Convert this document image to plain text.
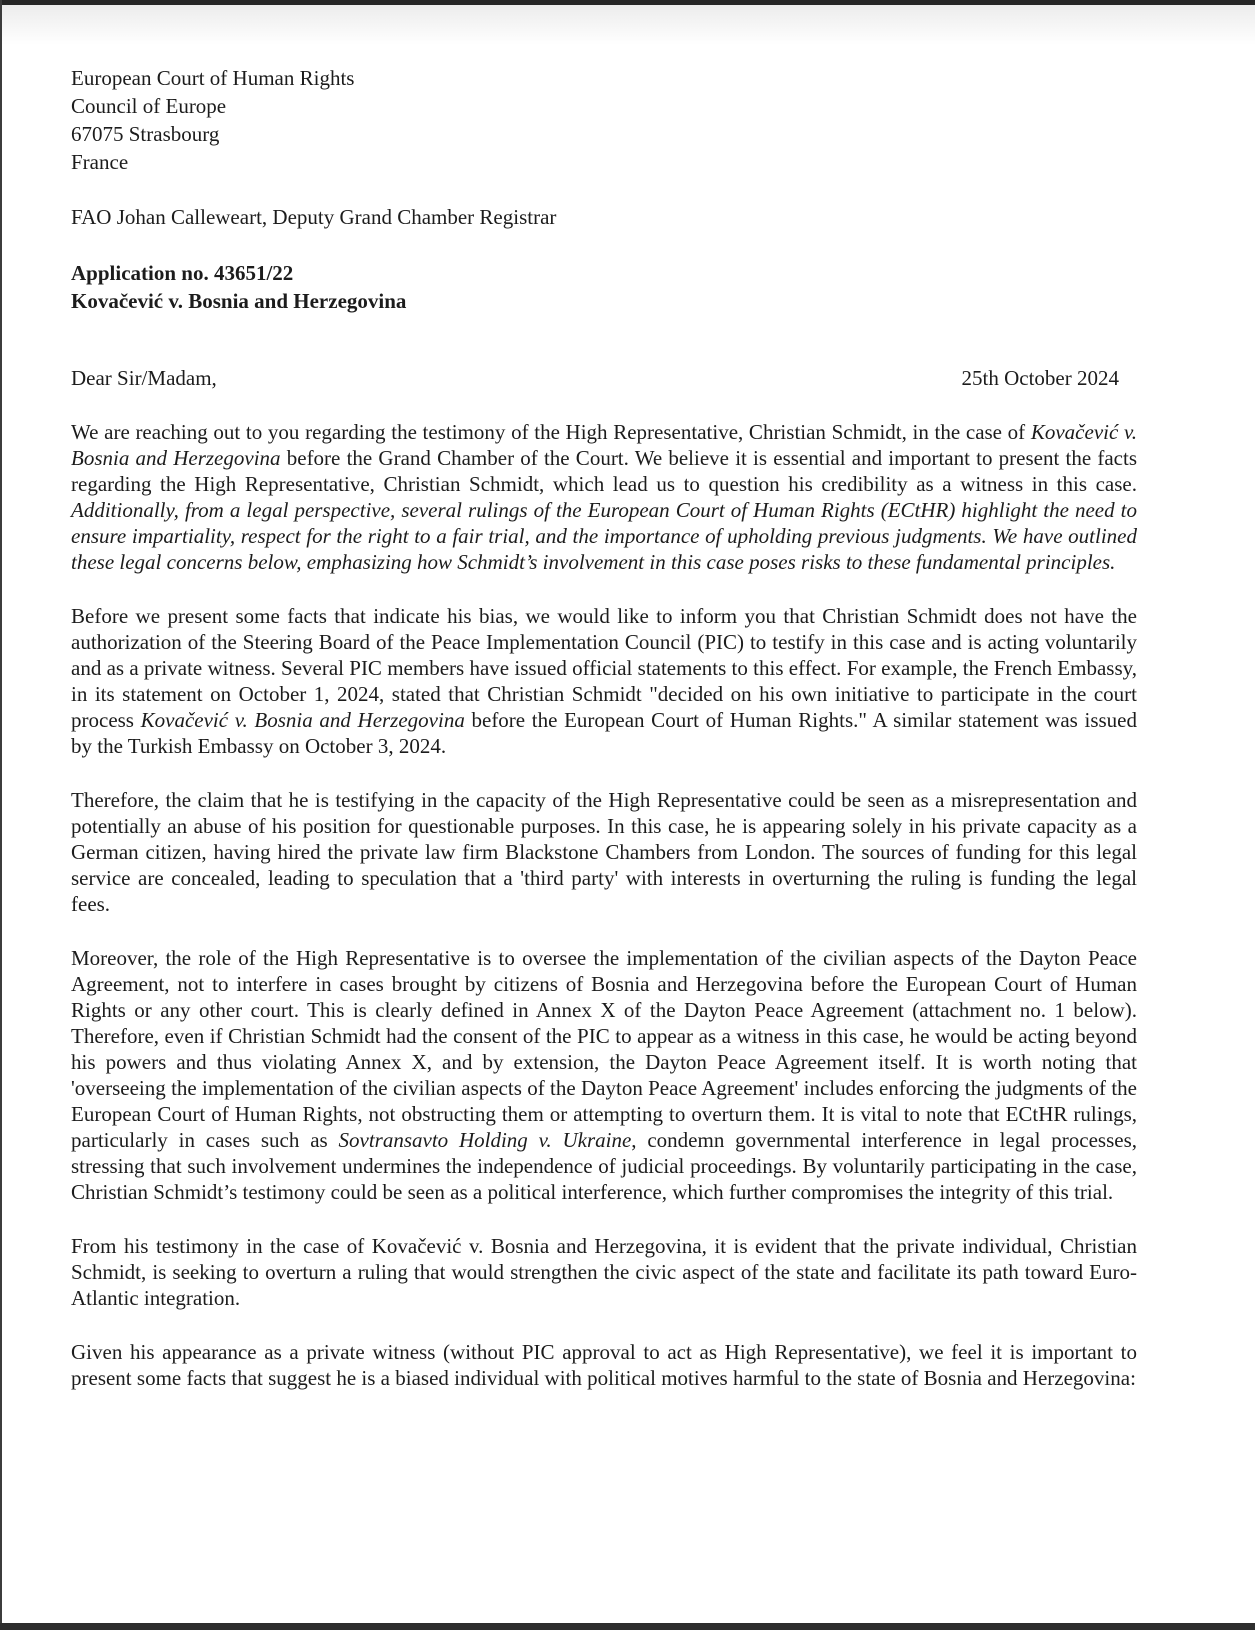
European Court of Human Rights
Council of Europe
67075 Strasbourg
France
FAO Johan Calleweart, Deputy Grand Chamber Registrar
Application no. 43651/22
Kovačević v. Bosnia and Herzegovina
Dear Sir/Madam,	25th October 2024

We are reaching out to you regarding the testimony of the High Representative, Christian Schmidt, in the case of Kovačević v. Bosnia and Herzegovina before the Grand Chamber of the Court. We believe it is essential and important to present the facts regarding the High Representative, Christian Schmidt, which lead us to question his credibility as a witness in this case. Additionally, from a legal perspective, several rulings of the European Court of Human Rights (ECtHR) highlight the need to ensure impartiality, respect for the right to a fair trial, and the importance of upholding previous judgments. We have outlined these legal concerns below, emphasizing how Schmidt’s involvement in this case poses risks to these fundamental principles.

Before we present some facts that indicate his bias, we would like to inform you that Christian Schmidt does not have the authorization of the Steering Board of the Peace Implementation Council (PIC) to testify in this case and is acting voluntarily and as a private witness. Several PIC members have issued official statements to this effect. For example, the French Embassy, in its statement on October 1, 2024, stated that Christian Schmidt "decided on his own initiative to participate in the court process Kovačević v. Bosnia and Herzegovina before the European Court of Human Rights." A similar statement was issued by the Turkish Embassy on October 3, 2024.

Therefore, the claim that he is testifying in the capacity of the High Representative could be seen as a misrepresentation and potentially an abuse of his position for questionable purposes. In this case, he is appearing solely in his private capacity as a German citizen, having hired the private law firm Blackstone Chambers from London. The sources of funding for this legal service are concealed, leading to speculation that a 'third party' with interests in overturning the ruling is funding the legal fees.

Moreover, the role of the High Representative is to oversee the implementation of the civilian aspects of the Dayton Peace Agreement, not to interfere in cases brought by citizens of Bosnia and Herzegovina before the European Court of Human Rights or any other court. This is clearly defined in Annex X of the Dayton Peace Agreement (attachment no. 1 below). Therefore, even if Christian Schmidt had the consent of the PIC to appear as a witness in this case, he would be acting beyond his powers and thus violating Annex X, and by extension, the Dayton Peace Agreement itself. It is worth noting that 'overseeing the implementation of the civilian aspects of the Dayton Peace Agreement' includes enforcing the judgments of the European Court of Human Rights, not obstructing them or attempting to overturn them. It is vital to note that ECtHR rulings, particularly in cases such as Sovtransavto Holding v. Ukraine, condemn governmental interference in legal processes, stressing that such involvement undermines the independence of judicial proceedings. By voluntarily participating in the case, Christian Schmidt’s testimony could be seen as a political interference, which further compromises the integrity of this trial.

From his testimony in the case of Kovačević v. Bosnia and Herzegovina, it is evident that the private individual, Christian Schmidt, is seeking to overturn a ruling that would strengthen the civic aspect of the state and facilitate its path toward Euro-Atlantic integration.

Given his appearance as a private witness (without PIC approval to act as High Representative), we feel it is important to present some facts that suggest he is a biased individual with political motives harmful to the state of Bosnia and Herzegovina:
